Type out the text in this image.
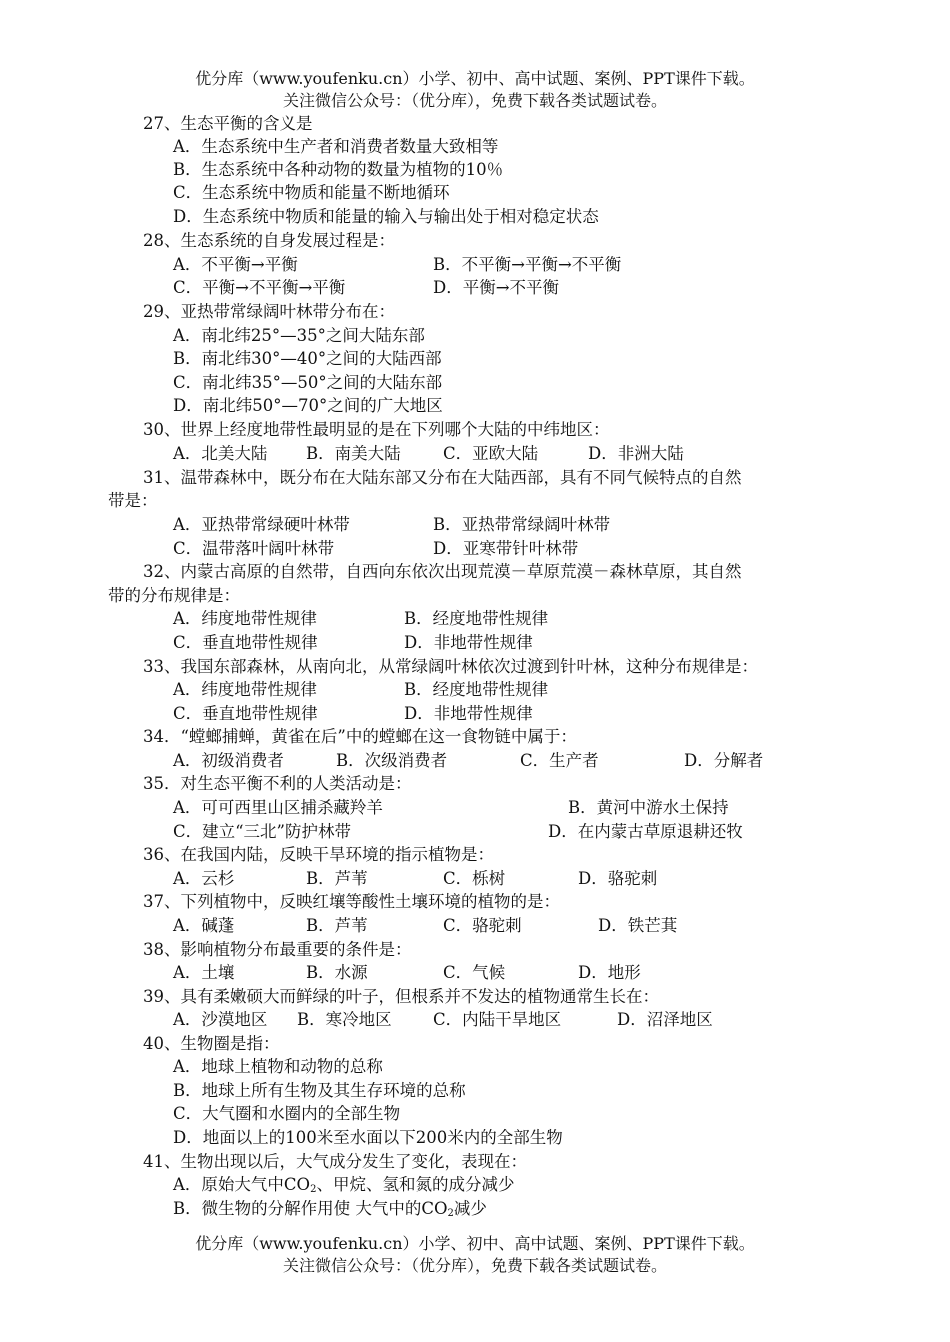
优分库（www.youfenku.cn）小学、初中、高中试题、案例、PPT课件下载。
关注微信公众号：（优分库），免费下载各类试题试卷。
27、生态平衡的含义是
A．生态系统中生产者和消费者数量大致相等
B．生态系统中各种动物的数量为植物的10％
C．生态系统中物质和能量不断地循环
D．生态系统中物质和能量的输入与输出处于相对稳定状态
28、生态系统的自身发展过程是：
A．不平衡→平衡	B．不平衡→平衡→不平衡
C．平衡→不平衡→平衡	D．平衡→不平衡
29、亚热带常绿阔叶林带分布在：
A．南北纬25°—35°之间大陆东部
B．南北纬30°—40°之间的大陆西部
C．南北纬35°—50°之间的大陆东部
D．南北纬50°—70°之间的广大地区
30、世界上经度地带性最明显的是在下列哪个大陆的中纬地区：
A．北美大陆 B．南美大陆	C．亚欧大陆	D．非洲大陆
31、温带森林中，既分布在大陆东部又分布在大陆西部，具有不同气候特点的自然
带是：
A．亚热带常绿硬叶林带	B．亚热带常绿阔叶林带
C．温带落叶阔叶林带	D．亚寒带针叶林带
32、内蒙古高原的自然带，自西向东依次出现荒漠－草原荒漠－森林草原，其自然
带的分布规律是：
A．纬度地带性规律	B．经度地带性规律
C．垂直地带性规律	D．非地带性规律
33、我国东部森林，从南向北，从常绿阔叶林依次过渡到针叶林，这种分布规律是：
A．纬度地带性规律	B．经度地带性规律
C．垂直地带性规律	D．非地带性规律
34．“螳螂捕蝉，黄雀在后”中的螳螂在这一食物链中属于：
A．初级消费者	B．次级消费者	C．生产者	D．分解者
35．对生态平衡不利的人类活动是：
A．可可西里山区捕杀藏羚羊	B．黄河中游水土保持
C．建立“三北”防护林带	D．在内蒙古草原退耕还牧
36、在我国内陆，反映干旱环境的指示植物是：
A．云杉	B．芦苇	C．栎树	D．骆驼刺
37、下列植物中，反映红壤等酸性土壤环境的植物的是：
A．碱蓬	B．芦苇	C．骆驼刺	D．铁芒萁
38、影响植物分布最重要的条件是：
A．土壤	B．水源	C．气候	D．地形
39、具有柔嫩硕大而鲜绿的叶子，但根系并不发达的植物通常生长在：
A．沙漠地区 B．寒冷地区	C．内陆干旱地区	D．沼泽地区
40、生物圈是指：
A．地球上植物和动物的总称
B．地球上所有生物及其生存环境的总称
C．大气圈和水圈内的全部生物
D．地面以上的100米至水面以下200米内的全部生物
41、生物出现以后，大气成分发生了变化，表现在：
A．原始大气中$CO_2$、甲烷、氢和氮的成分减少
B．微生物的分解作用使 大气中的$CO_2$减少
优分库（www.youfenku.cn）小学、初中、高中试题、案例、PPT课件下载。
关注微信公众号：（优分库），免费下载各类试题试卷。
